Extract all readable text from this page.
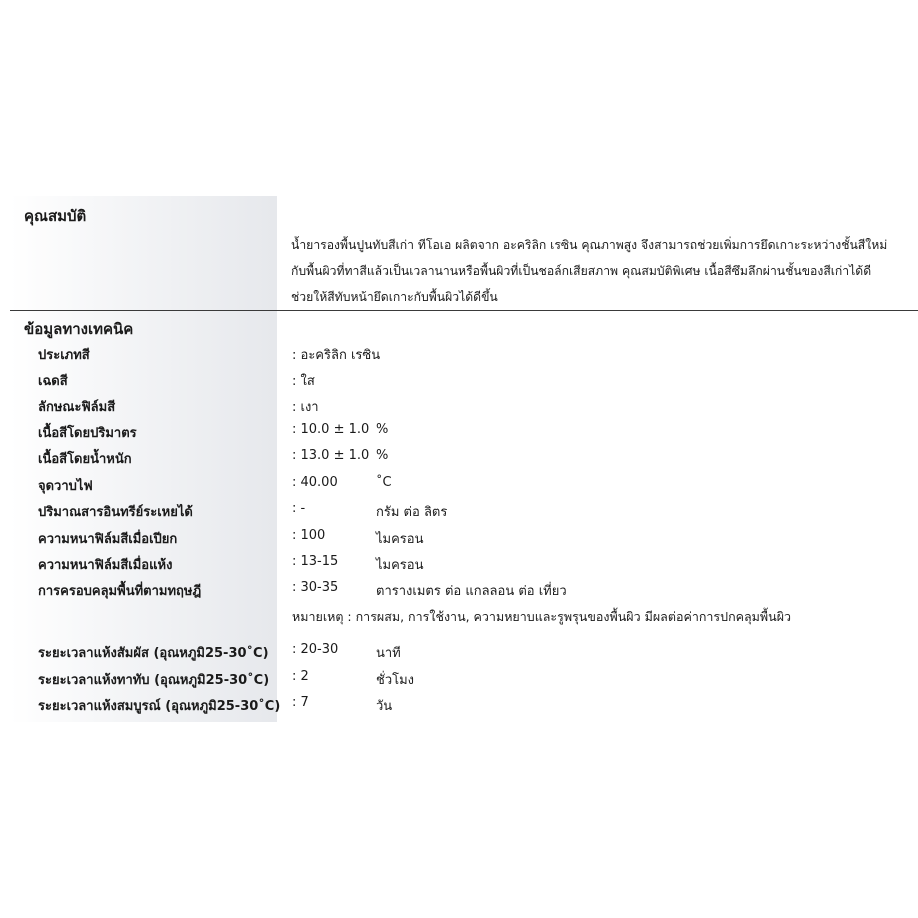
คุณสมบัติ
น้ำยารองพื้นปูนทับสีเก่า ทีโอเอ ผลิตจาก อะคริลิก เรซิน คุณภาพสูง จึงสามารถช่วยเพิ่มการยึดเกาะระหว่างชั้นสีใหม่
กับพื้นผิวที่ทาสีแล้วเป็นเวลานานหรือพื้นผิวที่เป็นชอล์กเสียสภาพ คุณสมบัติพิเศษ เนื้อสีซึมลึกผ่านชั้นของสีเก่าได้ดี
ช่วยให้สีทับหน้ายึดเกาะกับพื้นผิวได้ดีขึ้น
ข้อมูลทางเทคนิค
ประเภทสี	: อะคริลิก เรซิน
เฉดสี	: ใส
ลักษณะฟิล์มสี	: เงา
เนื้อสีโดยปริมาตร	: 10.0 ± 1.0 %
เนื้อสีโดยน้ำหนัก	: 13.0 ± 1.0 %
จุดวาบไฟ	: 40.00	˚C
ปริมาณสารอินทรีย์ระเหยได้	: -	กรัม ต่อ ลิตร
ความหนาฟิล์มสีเมื่อเปียก	: 100	ไมครอน
ความหนาฟิล์มสีเมื่อแห้ง	: 13-15	ไมครอน
การครอบคลุมพื้นที่ตามทฤษฎี	: 30-35	ตารางเมตร ต่อ แกลลอน ต่อ เที่ยว
หมายเหตุ : การผสม, การใช้งาน, ความหยาบและรูพรุนของพื้นผิว มีผลต่อค่าการปกคลุมพื้นผิว
ระยะเวลาแห้งสัมผัส (อุณหภูมิ25-30˚C) : 20-30	นาที
ระยะเวลาแห้งทาทับ (อุณหภูมิ25-30˚C) : 2	ชั่วโมง
ระยะเวลาแห้งสมบูรณ์ (อุณหภูมิ25-30˚C) : 7	วัน
